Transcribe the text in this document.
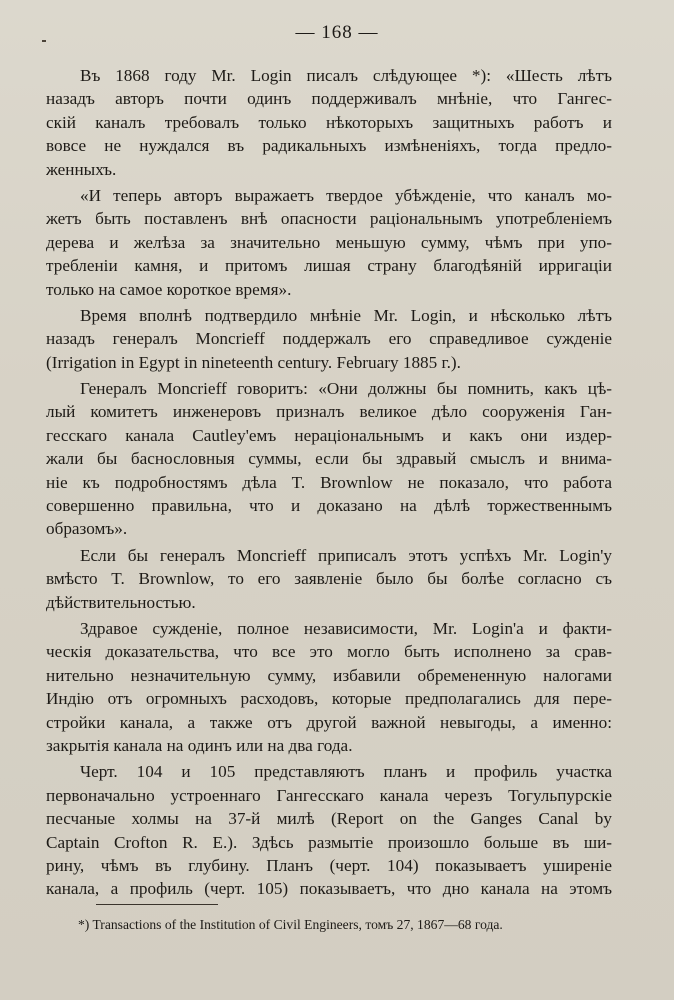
— 168 —
Въ 1868 году Mr. Login писалъ слѣдующее *): «Шесть лѣтъ
назадъ авторъ почти одинъ поддерживалъ мнѣніе, что Гангес-
скій каналъ требовалъ только нѣкоторыхъ защитныхъ работъ и
вовсе не нуждался въ радикальныхъ измѣненіяхъ, тогда предло-
женныхъ.
«И теперь авторъ выражаетъ твердое убѣжденіе, что каналъ мо-
жетъ быть поставленъ внѣ опасности раціональнымъ употребленіемъ
дерева и желѣза за значительно меньшую сумму, чѣмъ при упо-
требленіи камня, и притомъ лишая страну благодѣяній ирригаціи
только на самое короткое время».
Время вполнѣ подтвердило мнѣніе Mr. Login, и нѣсколько лѣтъ
назадъ генералъ Moncrieff поддержалъ его справедливое сужденіе
(Irrigation in Egypt in nineteenth century. February 1885 г.).
Генералъ Moncrieff говоритъ: «Они должны бы помнить, какъ цѣ-
лый комитетъ инженеровъ призналъ великое дѣло сооруженія Ган-
гесскаго канала Cautley'емъ нераціональнымъ и какъ они издер-
жали бы баснословныя суммы, если бы здравый смыслъ и внима-
ніе къ подробностямъ дѣла T. Brownlow не показало, что работа
совершенно правильна, что и доказано на дѣлѣ торжественнымъ
образомъ».
Если бы генералъ Moncrieff приписалъ этотъ успѣхъ Mr. Login'у
вмѣсто T. Brownlow, то его заявленіе было бы болѣе согласно съ
дѣйствительностью.
Здравое сужденіе, полное независимости, Mr. Login'а и факти-
ческія доказательства, что все это могло быть исполнено за срав-
нительно незначительную сумму, избавили обремененную налогами
Индію отъ огромныхъ расходовъ, которые предполагались для пере-
стройки канала, а также отъ другой важной невыгоды, а именно:
закрытія канала на одинъ или на два года.
Черт. 104 и 105 представляютъ планъ и профиль участка
первоначально устроеннаго Гангесскаго канала черезъ Тогульпурскіе
песчаные холмы на 37-й милѣ (Report on the Ganges Canal by
Captain Crofton R. E.). Здѣсь размытіе произошло больше въ ши-
рину, чѣмъ въ глубину. Планъ (черт. 104) показываетъ уширеніе
канала, а профиль (черт. 105) показываетъ, что дно канала на этомъ
*) Transactions of the Institution of Civil Engineers, томъ 27, 1867—68 года.
